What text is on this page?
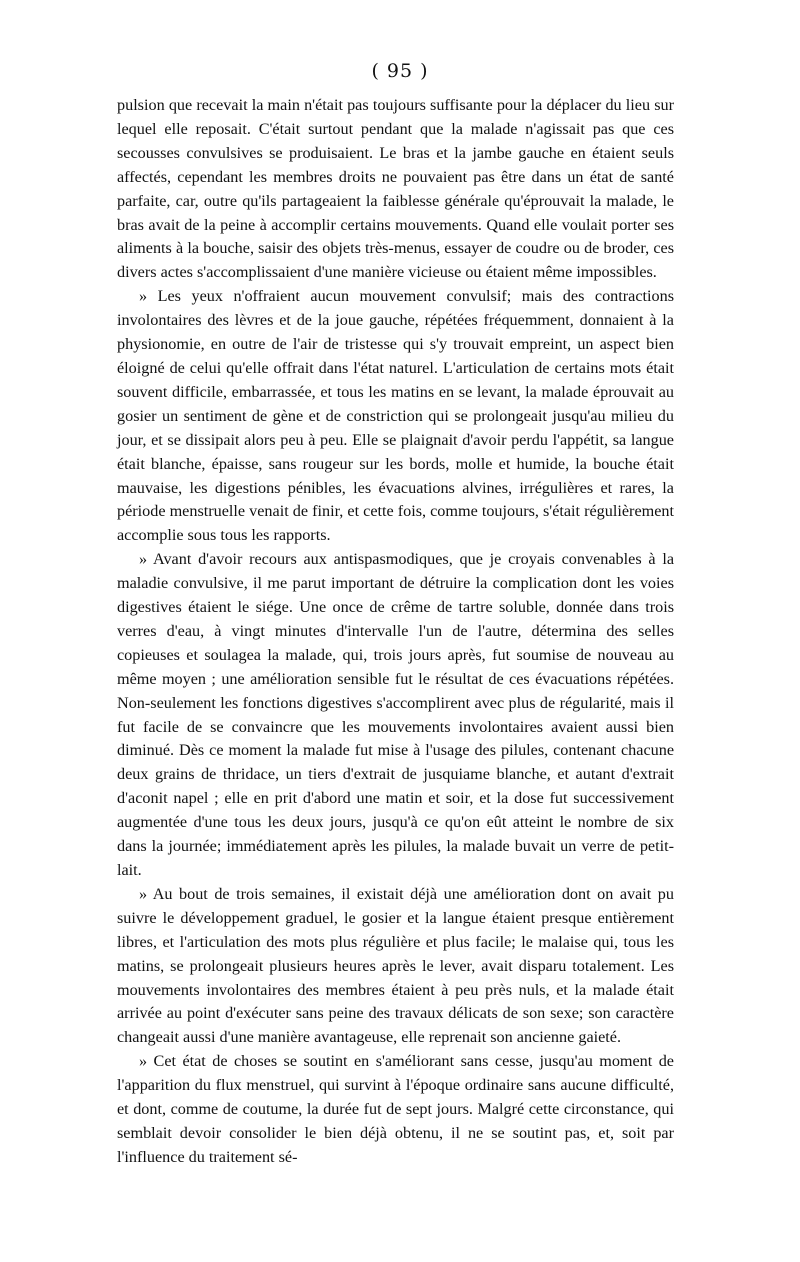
( 95 )

pulsion que recevait la main n'était pas toujours suffisante pour la déplacer du lieu sur lequel elle reposait. C'était surtout pendant que la malade n'agissait pas que ces secousses convulsives se produisaient. Le bras et la jambe gauche en étaient seuls affectés, cependant les membres droits ne pouvaient pas être dans un état de santé parfaite, car, outre qu'ils partageaient la faiblesse générale qu'éprouvait la malade, le bras avait de la peine à accomplir certains mouvements. Quand elle voulait porter ses aliments à la bouche, saisir des objets très-menus, essayer de coudre ou de broder, ces divers actes s'accomplissaient d'une manière vicieuse ou étaient même impossibles.

» Les yeux n'offraient aucun mouvement convulsif; mais des contractions involontaires des lèvres et de la joue gauche, répétées fréquemment, donnaient à la physionomie, en outre de l'air de tristesse qui s'y trouvait empreint, un aspect bien éloigné de celui qu'elle offrait dans l'état naturel. L'articulation de certains mots était souvent difficile, embarrassée, et tous les matins en se levant, la malade éprouvait au gosier un sentiment de gène et de constriction qui se prolongeait jusqu'au milieu du jour, et se dissipait alors peu à peu. Elle se plaignait d'avoir perdu l'appétit, sa langue était blanche, épaisse, sans rougeur sur les bords, molle et humide, la bouche était mauvaise, les digestions pénibles, les évacuations alvines, irrégulières et rares, la période menstruelle venait de finir, et cette fois, comme toujours, s'était régulièrement accomplie sous tous les rapports.

» Avant d'avoir recours aux antispasmodiques, que je croyais convenables à la maladie convulsive, il me parut important de détruire la complication dont les voies digestives étaient le siége. Une once de crême de tartre soluble, donnée dans trois verres d'eau, à vingt minutes d'intervalle l'un de l'autre, détermina des selles copieuses et soulagea la malade, qui, trois jours après, fut soumise de nouveau au même moyen ; une amélioration sensible fut le résultat de ces évacuations répétées. Non-seulement les fonctions digestives s'accomplirent avec plus de régularité, mais il fut facile de se convaincre que les mouvements involontaires avaient aussi bien diminué. Dès ce moment la malade fut mise à l'usage des pilules, contenant chacune deux grains de thridace, un tiers d'extrait de jusquiame blanche, et autant d'extrait d'aconit napel ; elle en prit d'abord une matin et soir, et la dose fut successivement augmentée d'une tous les deux jours, jusqu'à ce qu'on eût atteint le nombre de six dans la journée; immédiatement après les pilules, la malade buvait un verre de petit-lait.

» Au bout de trois semaines, il existait déjà une amélioration dont on avait pu suivre le développement graduel, le gosier et la langue étaient presque entièrement libres, et l'articulation des mots plus régulière et plus facile; le malaise qui, tous les matins, se prolongeait plusieurs heures après le lever, avait disparu totalement. Les mouvements involontaires des membres étaient à peu près nuls, et la malade était arrivée au point d'exécuter sans peine des travaux délicats de son sexe; son caractère changeait aussi d'une manière avantageuse, elle reprenait son ancienne gaieté.

» Cet état de choses se soutint en s'améliorant sans cesse, jusqu'au moment de l'apparition du flux menstruel, qui survint à l'époque ordinaire sans aucune difficulté, et dont, comme de coutume, la durée fut de sept jours. Malgré cette circonstance, qui semblait devoir consolider le bien déjà obtenu, il ne se soutint pas, et, soit par l'influence du traitement sé-
